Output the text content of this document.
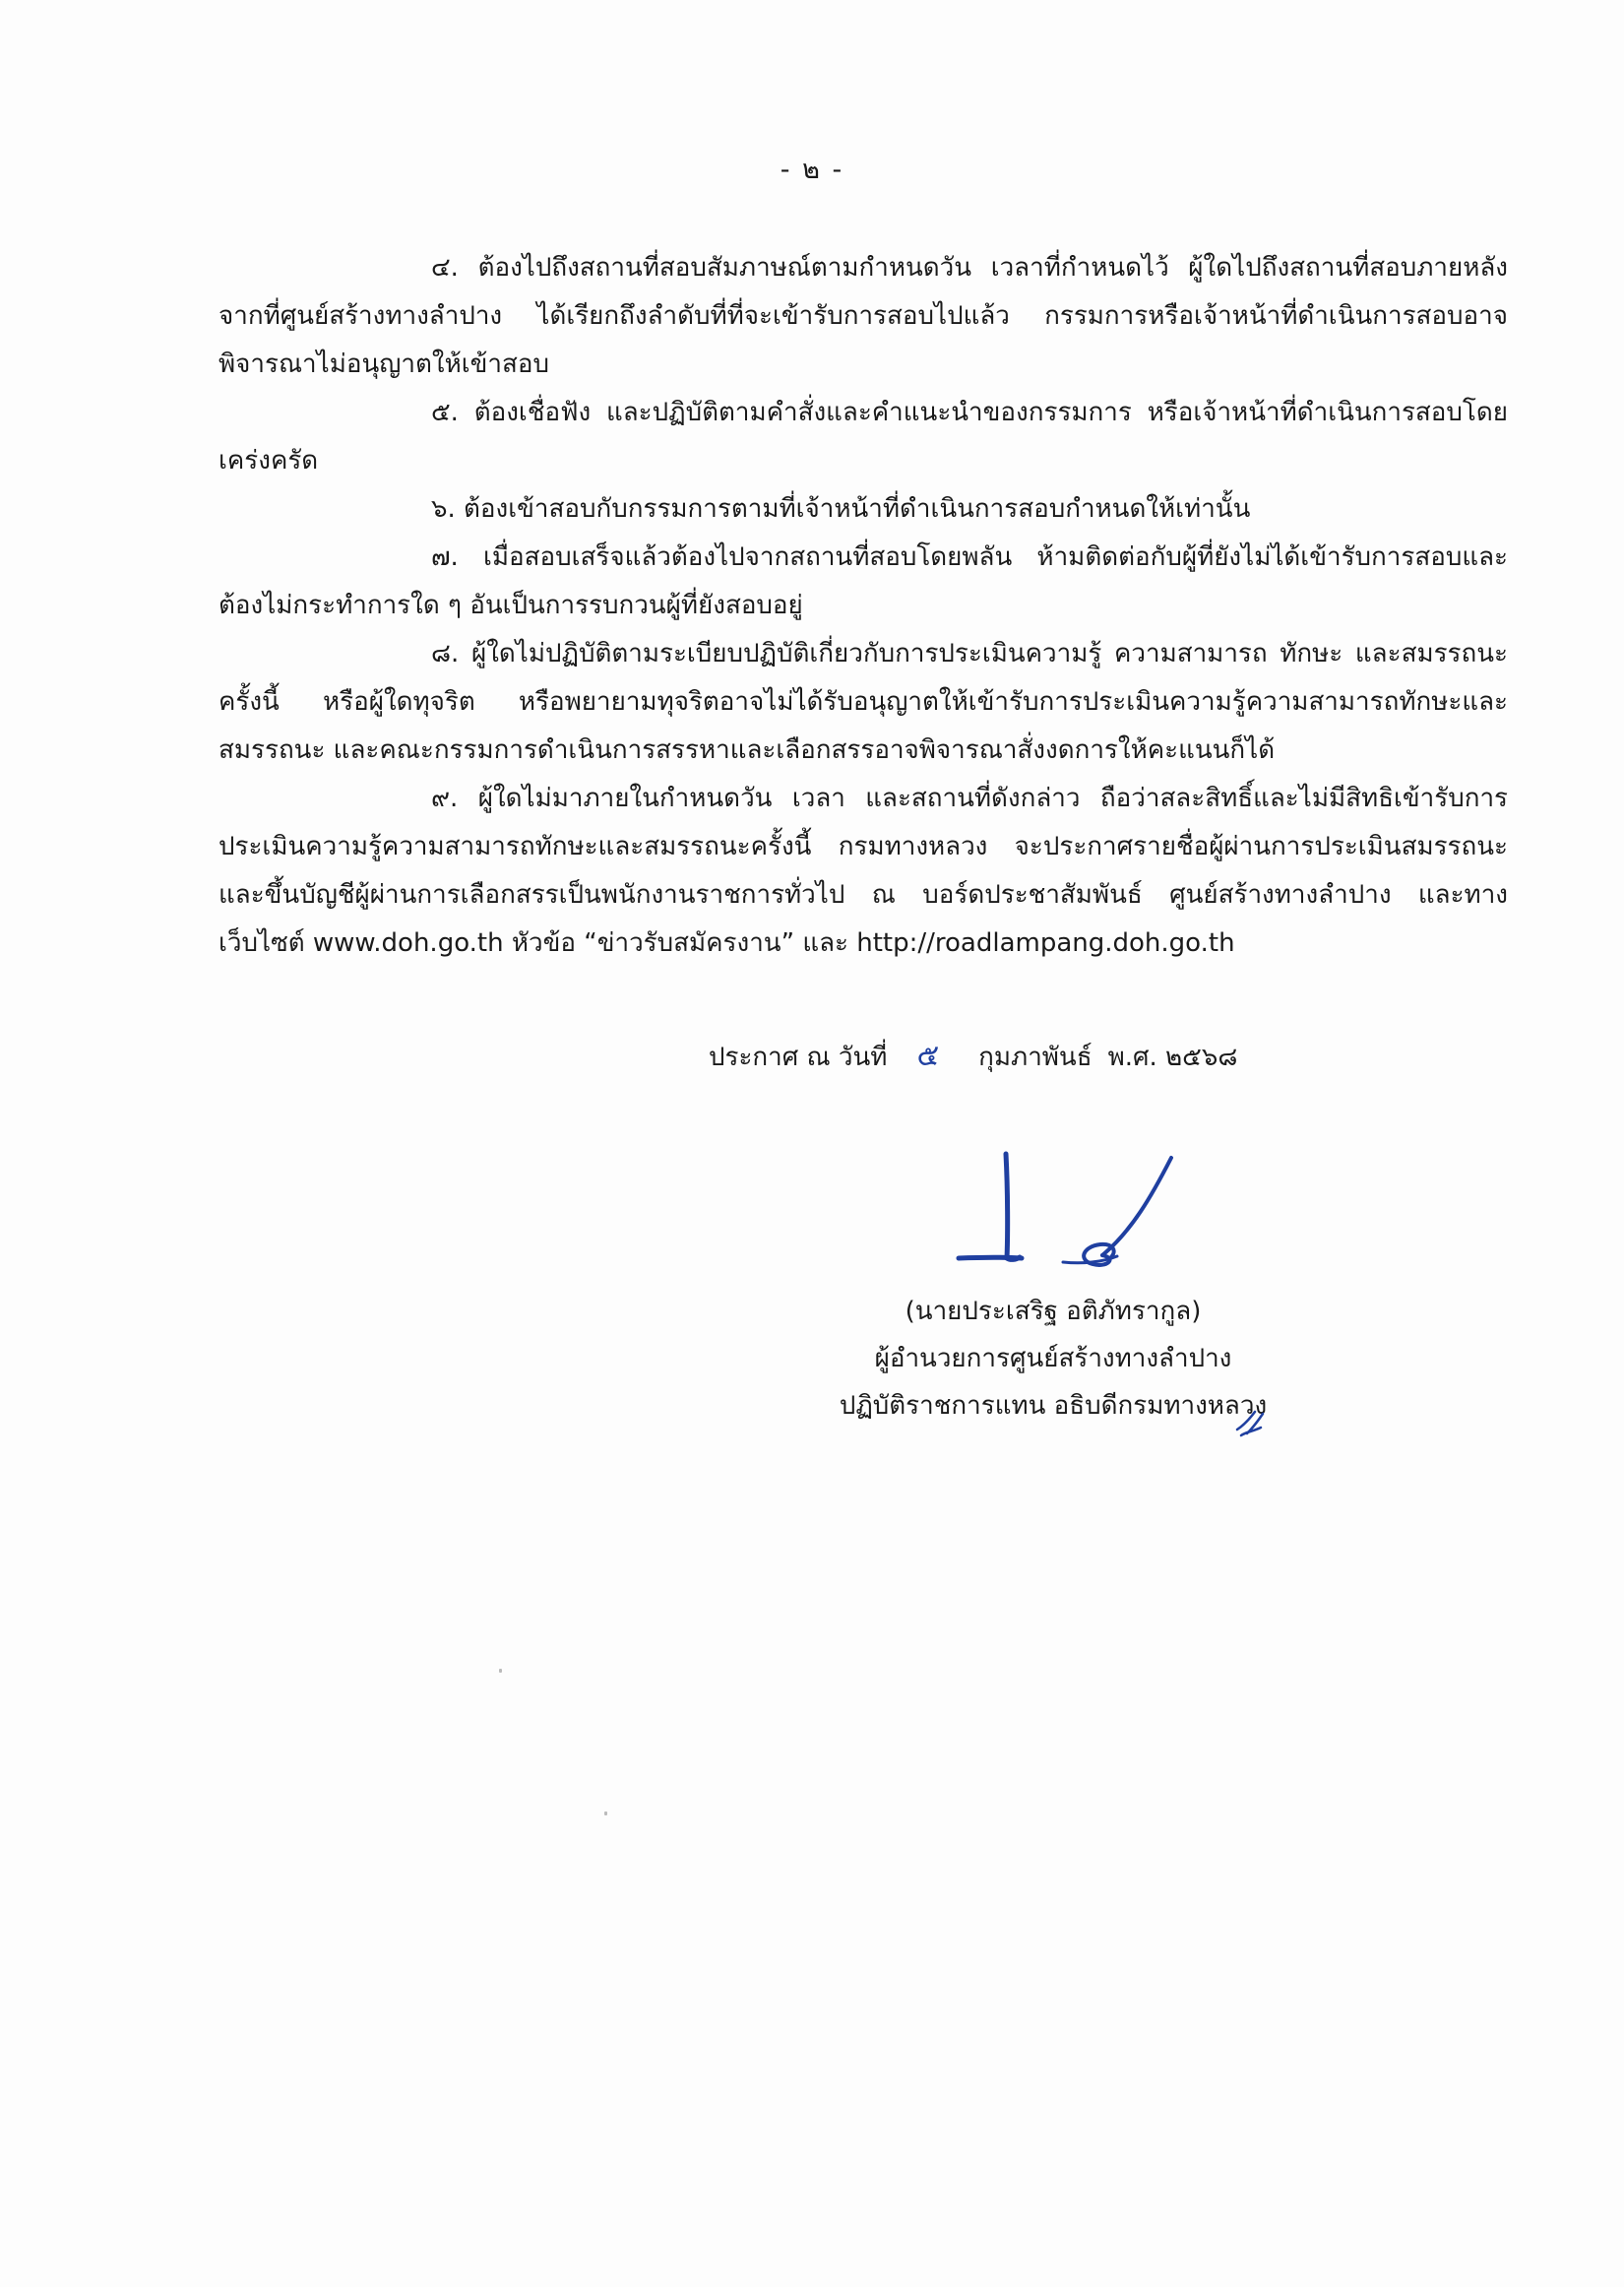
- ๒ -

๔. ต้องไปถึงสถานที่สอบสัมภาษณ์ตามกำหนดวัน เวลาที่กำหนดไว้ ผู้ใดไปถึงสถานที่สอบภายหลังจากที่ศูนย์สร้างทางลำปาง ได้เรียกถึงลำดับที่ที่จะเข้ารับการสอบไปแล้ว กรรมการหรือเจ้าหน้าที่ดำเนินการสอบอาจพิจารณาไม่อนุญาตให้เข้าสอบ

๕. ต้องเชื่อฟัง และปฏิบัติตามคำสั่งและคำแนะนำของกรรมการ หรือเจ้าหน้าที่ดำเนินการสอบโดยเคร่งครัด

๖. ต้องเข้าสอบกับกรรมการตามที่เจ้าหน้าที่ดำเนินการสอบกำหนดให้เท่านั้น

๗. เมื่อสอบเสร็จแล้วต้องไปจากสถานที่สอบโดยพลัน ห้ามติดต่อกับผู้ที่ยังไม่ได้เข้ารับการสอบและต้องไม่กระทำการใด ๆ อันเป็นการรบกวนผู้ที่ยังสอบอยู่

๘. ผู้ใดไม่ปฏิบัติตามระเบียบปฏิบัติเกี่ยวกับการประเมินความรู้ ความสามารถ ทักษะ และสมรรถนะครั้งนี้ หรือผู้ใดทุจริต หรือพยายามทุจริตอาจไม่ได้รับอนุญาตให้เข้ารับการประเมินความรู้ความสามารถทักษะและสมรรถนะ และคณะกรรมการดำเนินการสรรหาและเลือกสรรอาจพิจารณาสั่งงดการให้คะแนนก็ได้

๙. ผู้ใดไม่มาภายในกำหนดวัน เวลา และสถานที่ดังกล่าว ถือว่าสละสิทธิ์และไม่มีสิทธิเข้ารับการประเมินความรู้ความสามารถทักษะและสมรรถนะครั้งนี้ กรมทางหลวง จะประกาศรายชื่อผู้ผ่านการประเมินสมรรถนะและขึ้นบัญชีผู้ผ่านการเลือกสรรเป็นพนักงานราชการทั่วไป ณ บอร์ดประชาสัมพันธ์ ศูนย์สร้างทางลำปาง และทางเว็บไซต์ www.doh.go.th หัวข้อ “ข่าวรับสมัครงาน” และ http://roadlampang.doh.go.th

ประกาศ ณ วันที่ ๕ กุมภาพันธ์ พ.ศ. ๒๕๖๘
(นายประเสริฐ อติภัทรากูล)
ผู้อำนวยการศูนย์สร้างทางลำปาง
ปฏิบัติราชการแทน อธิบดีกรมทางหลวง
